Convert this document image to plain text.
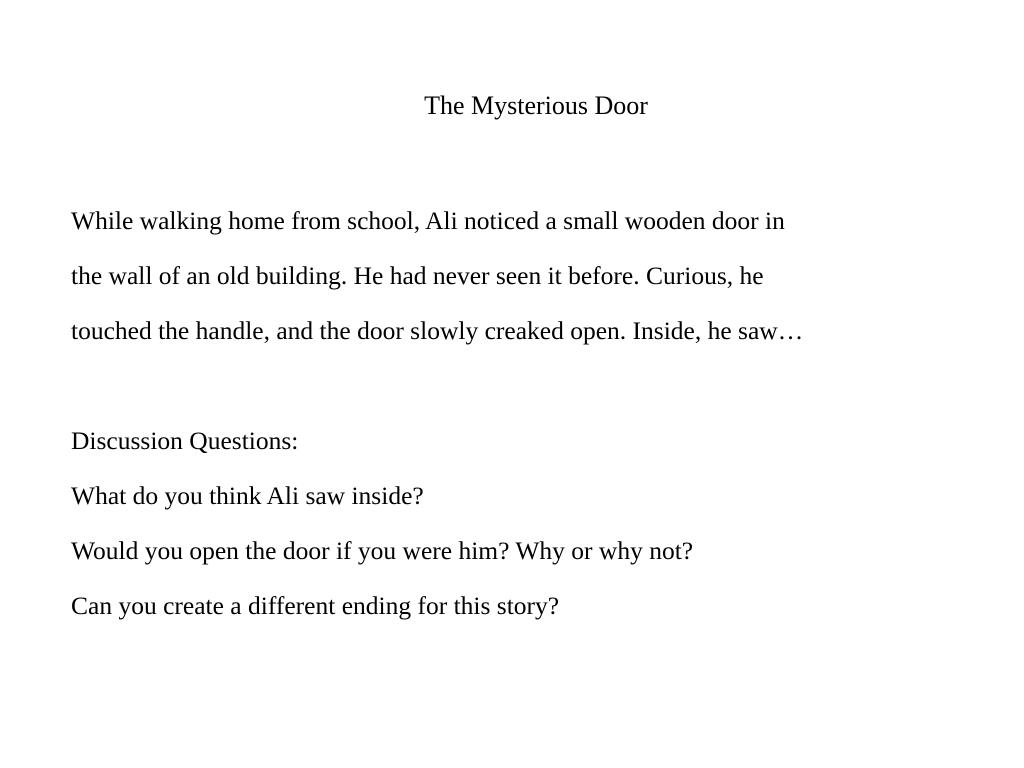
The Mysterious Door

While walking home from school, Ali noticed a small wooden door in
the wall of an old building. He had never seen it before. Curious, he
touched the handle, and the door slowly creaked open. Inside, he saw…

Discussion Questions:
What do you think Ali saw inside?
Would you open the door if you were him? Why or why not?
Can you create a different ending for this story?
